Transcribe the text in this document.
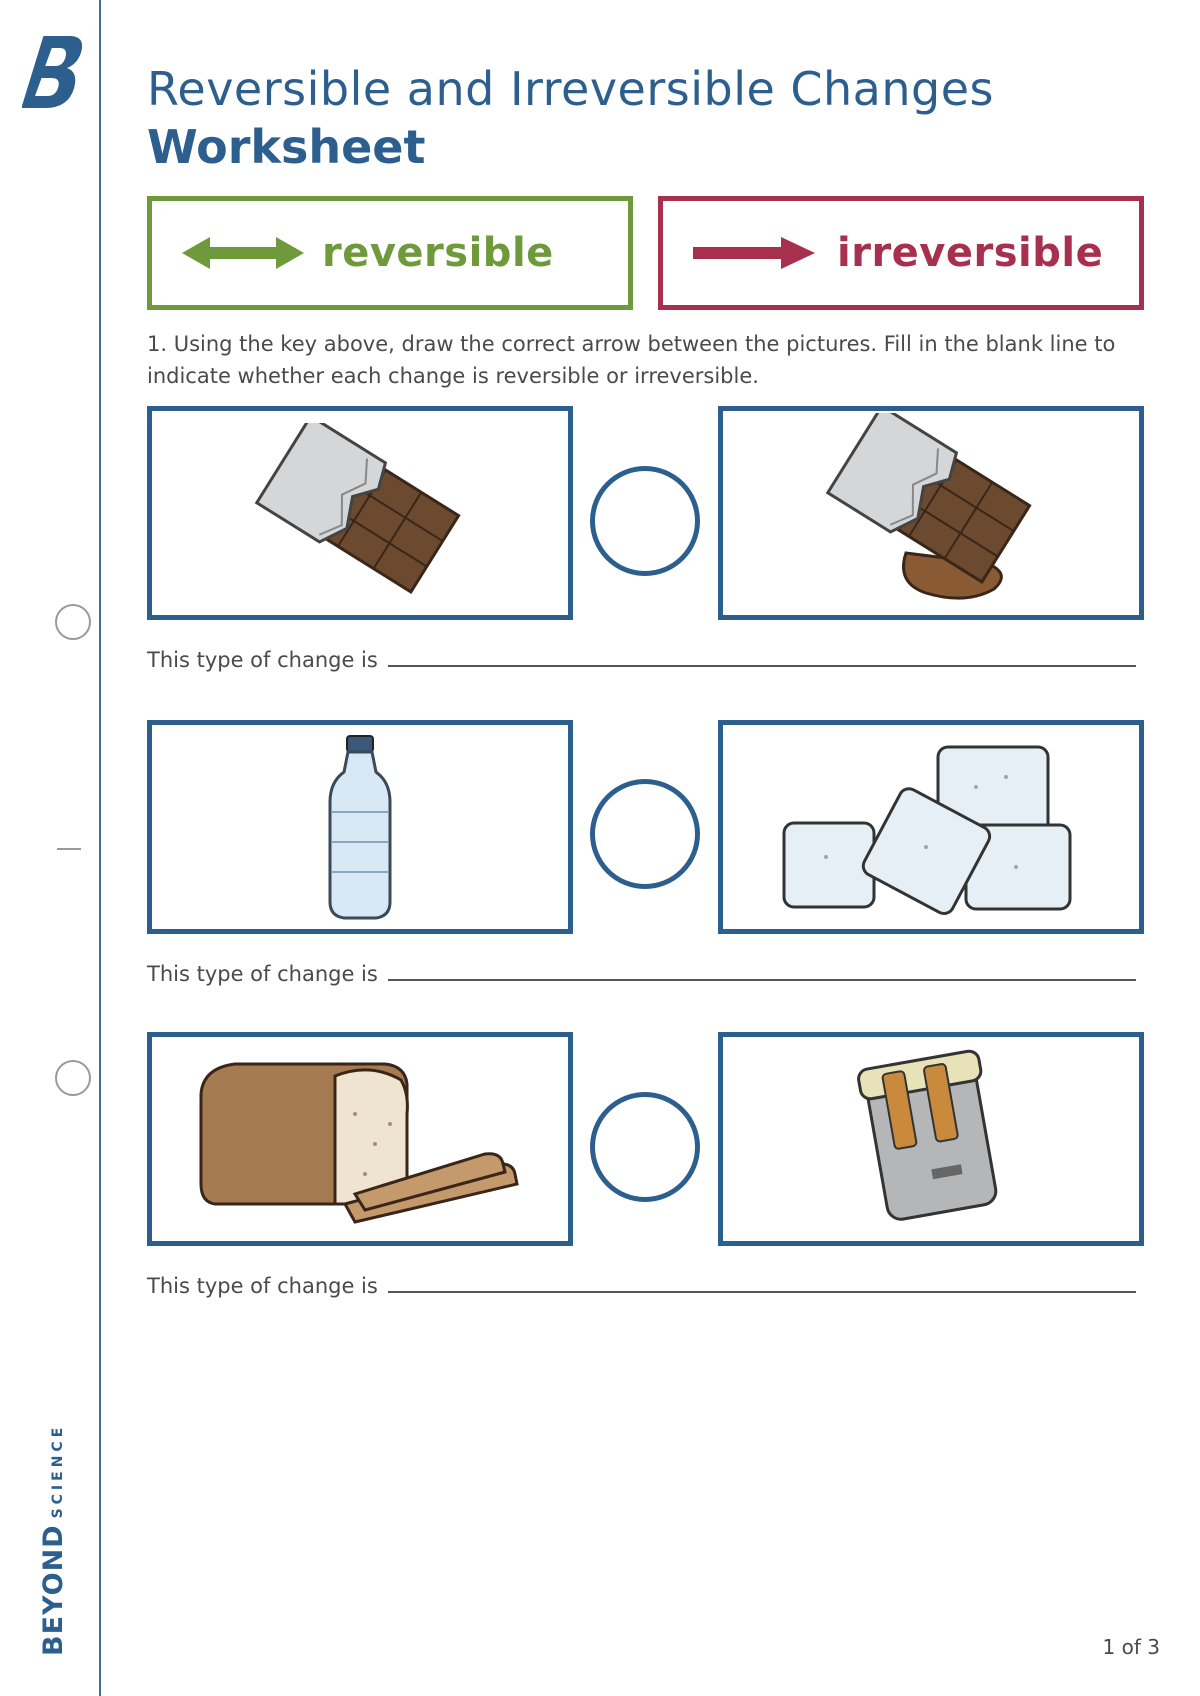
BEYONDSCIENCE
Reversible and Irreversible Changes
Worksheet
reversible	irreversible
1. Using the key above, draw the correct arrow between the pictures. Fill in the blank line to indicate whether each change is reversible or irreversible.
This type of change is
This type of change is
This type of change is
1 of 3
